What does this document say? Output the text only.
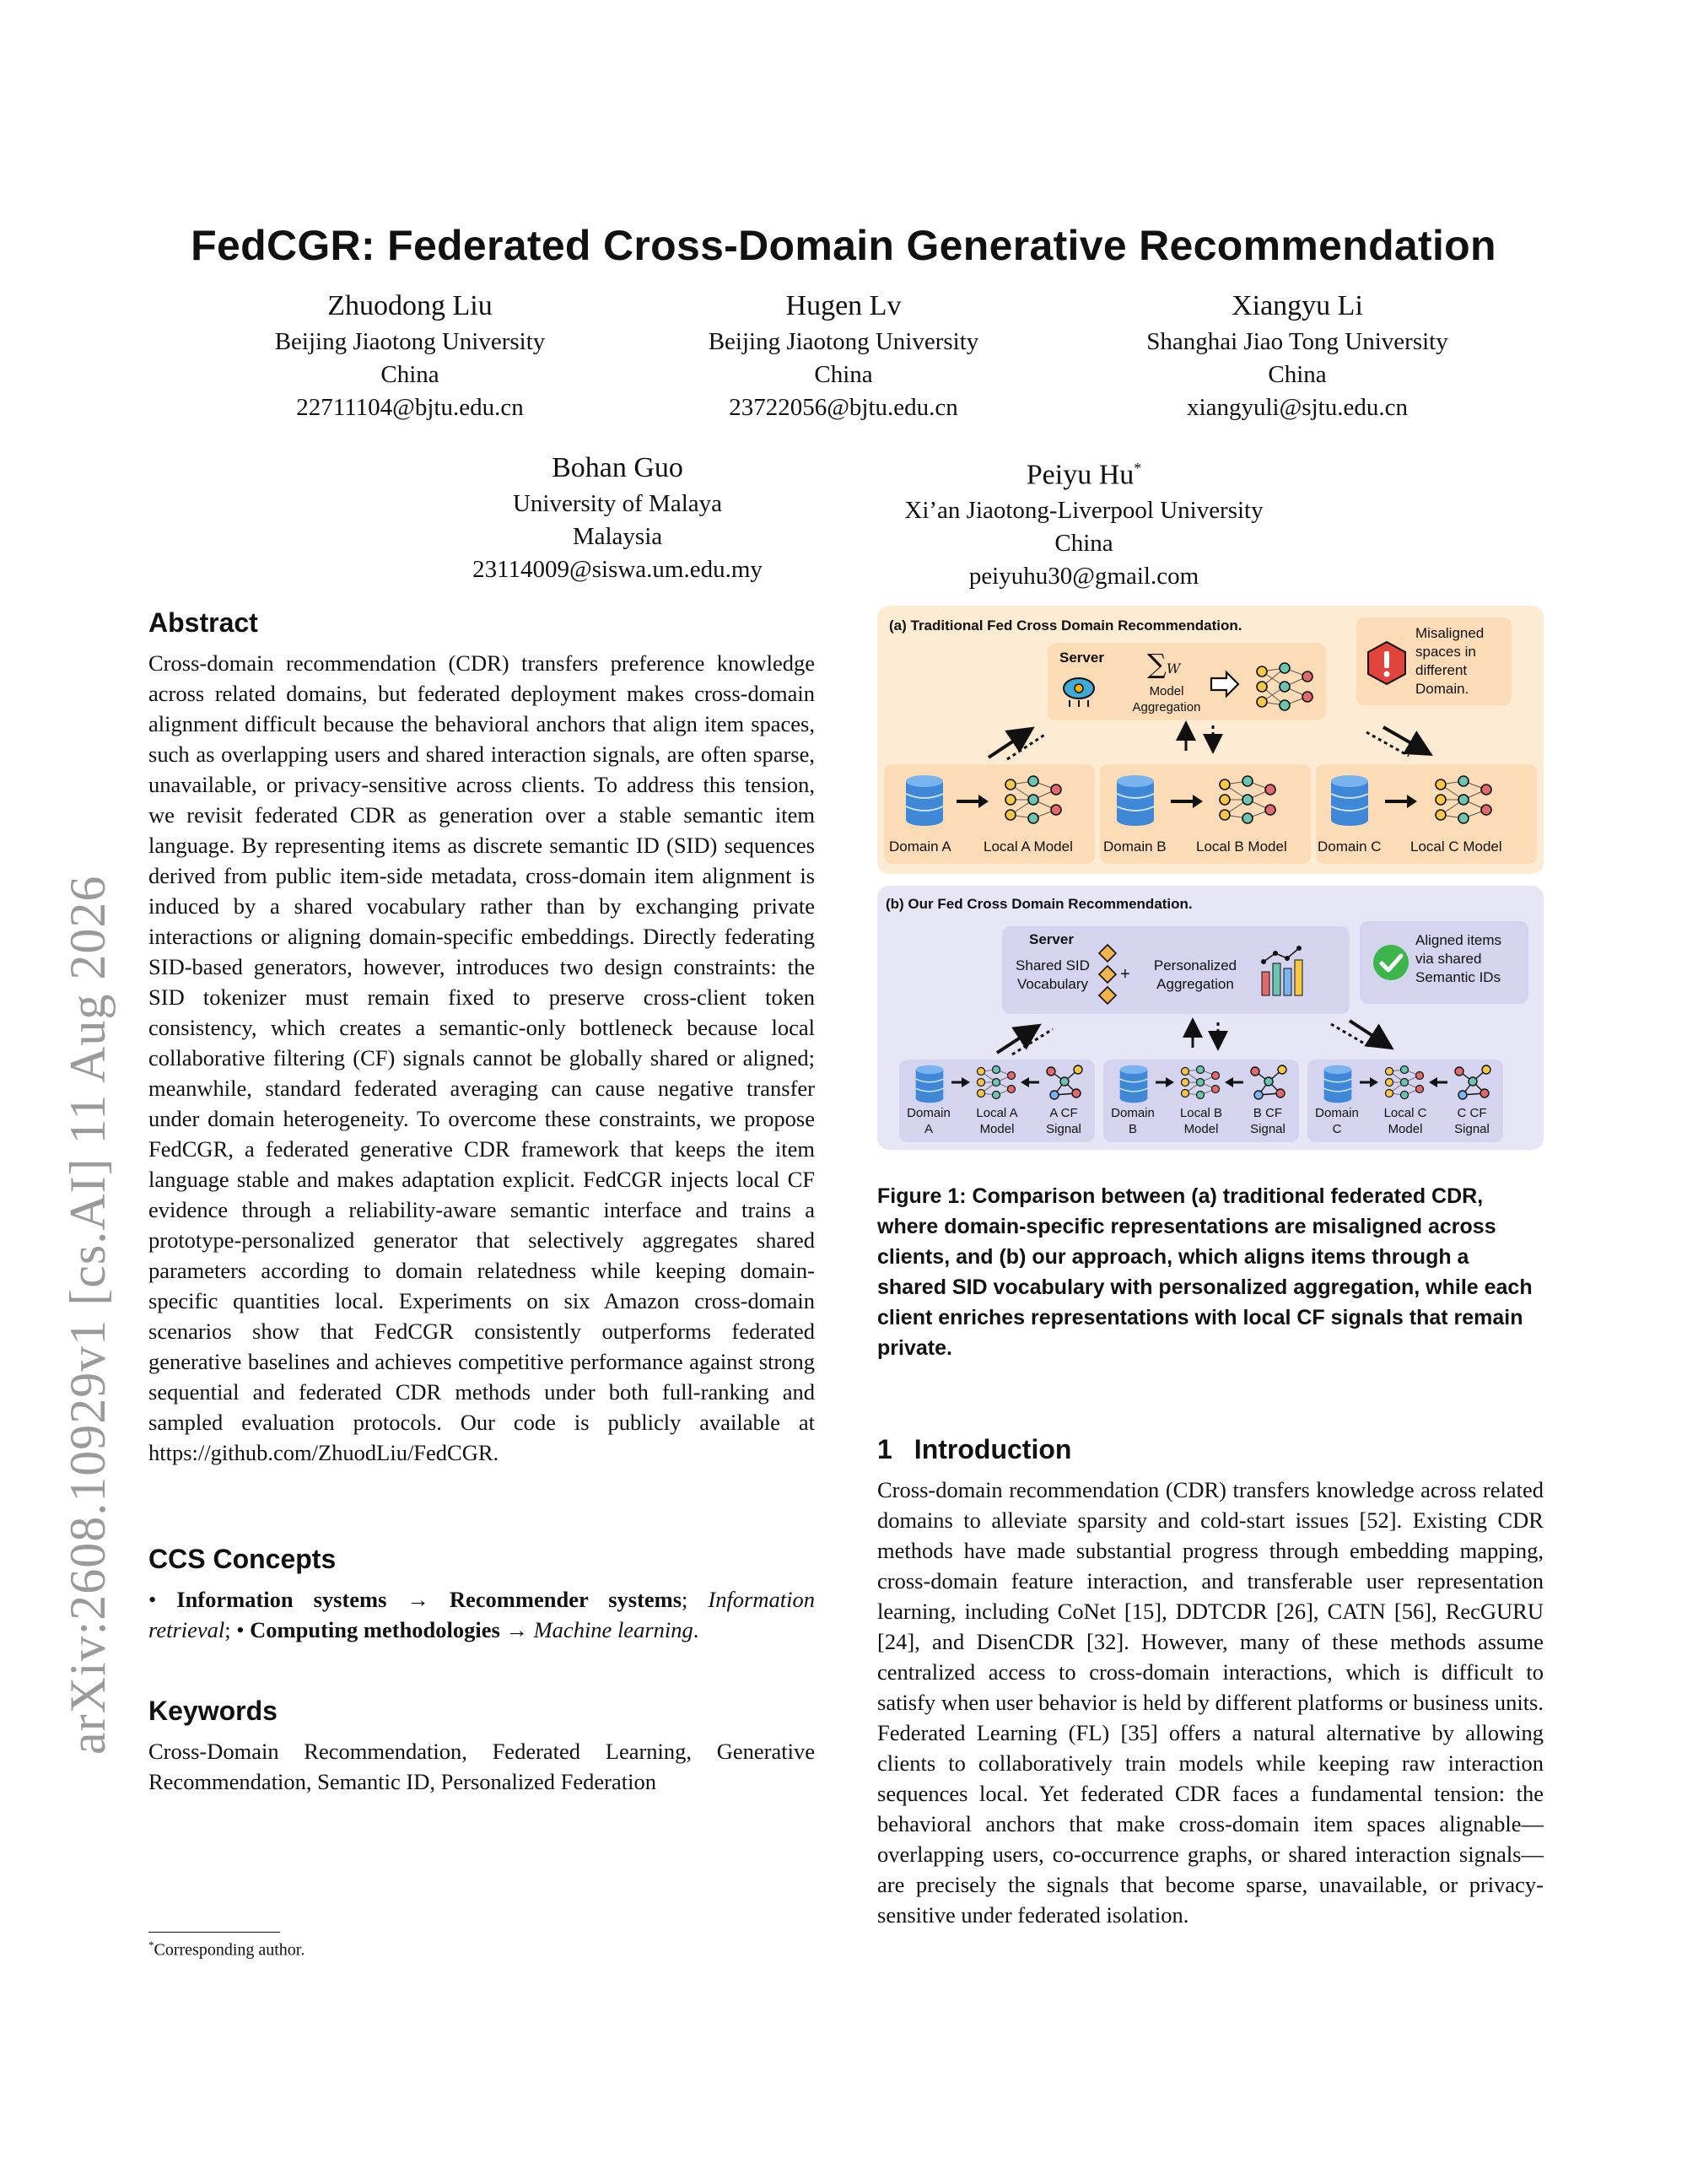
FedCGR: Federated Cross-Domain Generative Recommendation
Zhuodong Liu
Beijing Jiaotong University
China
22711104@bjtu.edu.cn
Hugen Lv
Beijing Jiaotong University
China
23722056@bjtu.edu.cn
Xiangyu Li
Shanghai Jiao Tong University
China
xiangyuli@sjtu.edu.cn
Bohan Guo
University of Malaya
Malaysia
23114009@siswa.um.edu.my
Peiyu Hu*
Xi’an Jiaotong-Liverpool University
China
peiyuhu30@gmail.com
arXiv:2608.10929v1 [cs.AI] 11 Aug 2026
Abstract
Cross-domain recommendation (CDR) transfers preference knowledge across related domains, but federated deployment makes cross-domain alignment difficult because the behavioral anchors that align item spaces, such as overlapping users and shared interaction signals, are often sparse, unavailable, or privacy-sensitive across clients. To address this tension, we revisit federated CDR as generation over a stable semantic item language. By representing items as discrete semantic ID (SID) sequences derived from public item-side metadata, cross-domain item alignment is induced by a shared vocabulary rather than by exchanging private interactions or aligning domain-specific embeddings. Directly federating SID-based generators, however, introduces two design constraints: the SID tokenizer must remain fixed to preserve cross-client token consistency, which creates a semantic-only bottleneck because local collaborative filtering (CF) signals cannot be globally shared or aligned; meanwhile, standard federated averaging can cause negative transfer under domain heterogeneity. To overcome these constraints, we propose FedCGR, a federated generative CDR framework that keeps the item language stable and makes adaptation explicit. FedCGR injects local CF evidence through a reliability-aware semantic interface and trains a prototype-personalized generator that selectively aggregates shared parameters according to domain relatedness while keeping domain-specific quantities local. Experiments on six Amazon cross-domain scenarios show that FedCGR consistently outperforms federated generative baselines and achieves competitive performance against strong sequential and federated CDR methods under both full-ranking and sampled evaluation protocols. Our code is publicly available at https://github.com/ZhuodLiu/FedCGR.
CCS Concepts
• Information systems → Recommender systems; Information retrieval; • Computing methodologies → Machine learning.
Keywords
Cross-Domain Recommendation, Federated Learning, Generative Recommendation, Semantic ID, Personalized Federation
*Corresponding author.
(a) Traditional Fed Cross Domain Recommendation.
Server ∑W
Model
Aggregation
Misaligned
spaces in
different
Domain.
Domain A Local A Model Domain B Local B Model Domain C Local C Model
(b) Our Fed Cross Domain Recommendation.
Server
Shared SID
Vocabulary
+	Personalized
Aggregation
Aligned items
via shared
Semantic IDs
Domain
A
Local A
Model
A CF
Signal
Domain
B
Local B
Model
B CF
Signal
Domain
C
Local C
Model
C CF
Signal
Figure 1: Comparison between (a) traditional federated CDR, where domain-specific representations are misaligned across clients, and (b) our approach, which aligns items through a shared SID vocabulary with personalized aggregation, while each client enriches representations with local CF signals that remain private.
1 Introduction
Cross-domain recommendation (CDR) transfers knowledge across related domains to alleviate sparsity and cold-start issues [52]. Existing CDR methods have made substantial progress through embedding mapping, cross-domain feature interaction, and transferable user representation learning, including CoNet [15], DDTCDR [26], CATN [56], RecGURU [24], and DisenCDR [32]. However, many of these methods assume centralized access to cross-domain interactions, which is difficult to satisfy when user behavior is held by different platforms or business units. Federated Learning (FL) [35] offers a natural alternative by allowing clients to collaboratively train models while keeping raw interaction sequences local. Yet federated CDR faces a fundamental tension: the behavioral anchors that make cross-domain item spaces alignable—overlapping users, co-occurrence graphs, or shared interaction signals—are precisely the signals that become sparse, unavailable, or privacy-sensitive under federated isolation.
